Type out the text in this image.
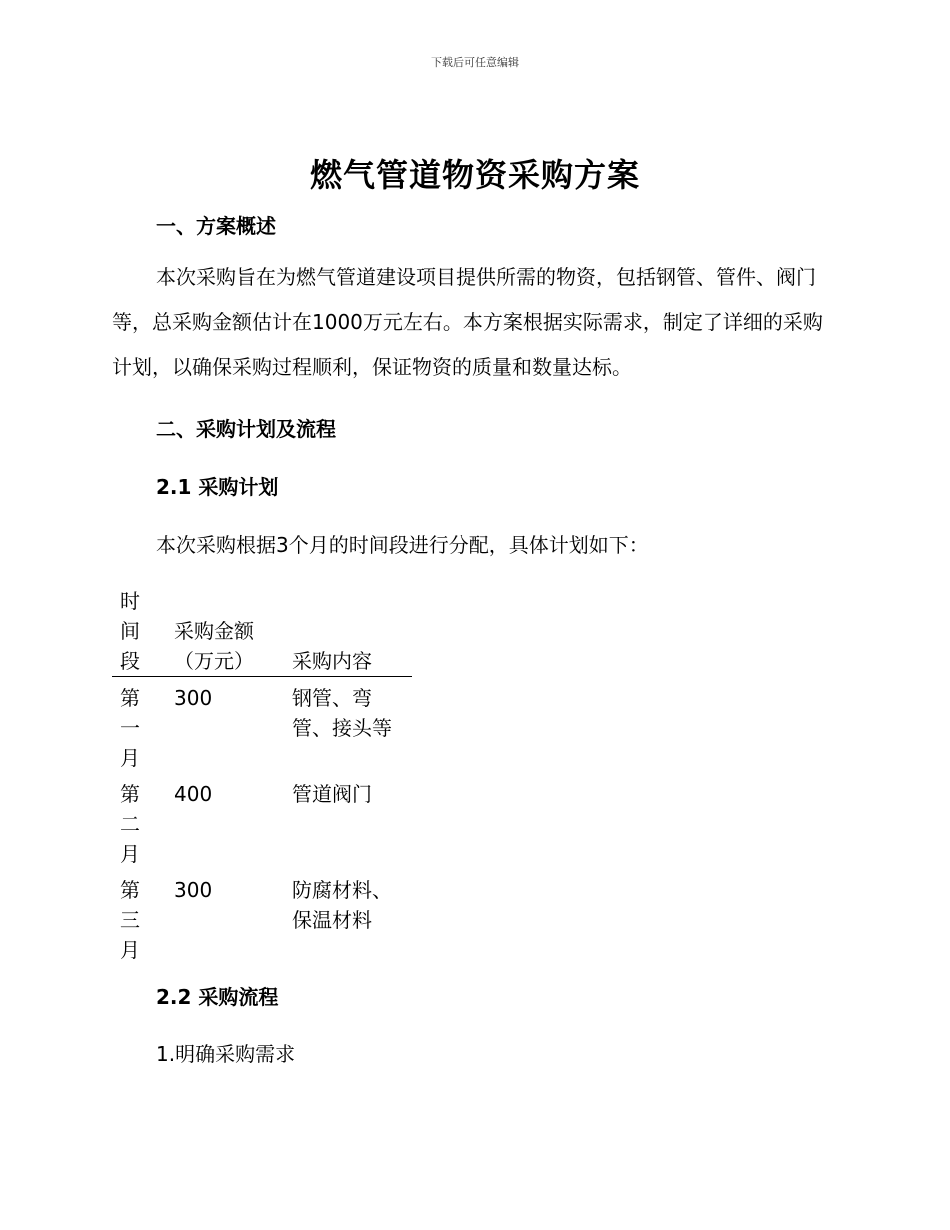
下载后可任意编辑
燃气管道物资采购方案
一、方案概述

本次采购旨在为燃气管道建设项目提供所需的物资，包括钢管、管件、阀门等，总采购金额估计在1000万元左右。本方案根据实际需求，制定了详细的采购计划，以确保采购过程顺利，保证物资的质量和数量达标。

二、采购计划及流程
2.1 采购计划

本次采购根据3个月的时间段进行分配，具体计划如下：

时间段	采购金额（万元）	采购内容

第一月	300	钢管、弯管、接头等

第二月	400	管道阀门

第三月	300	防腐材料、保温材料
2.2 采购流程

1.明确采购需求
